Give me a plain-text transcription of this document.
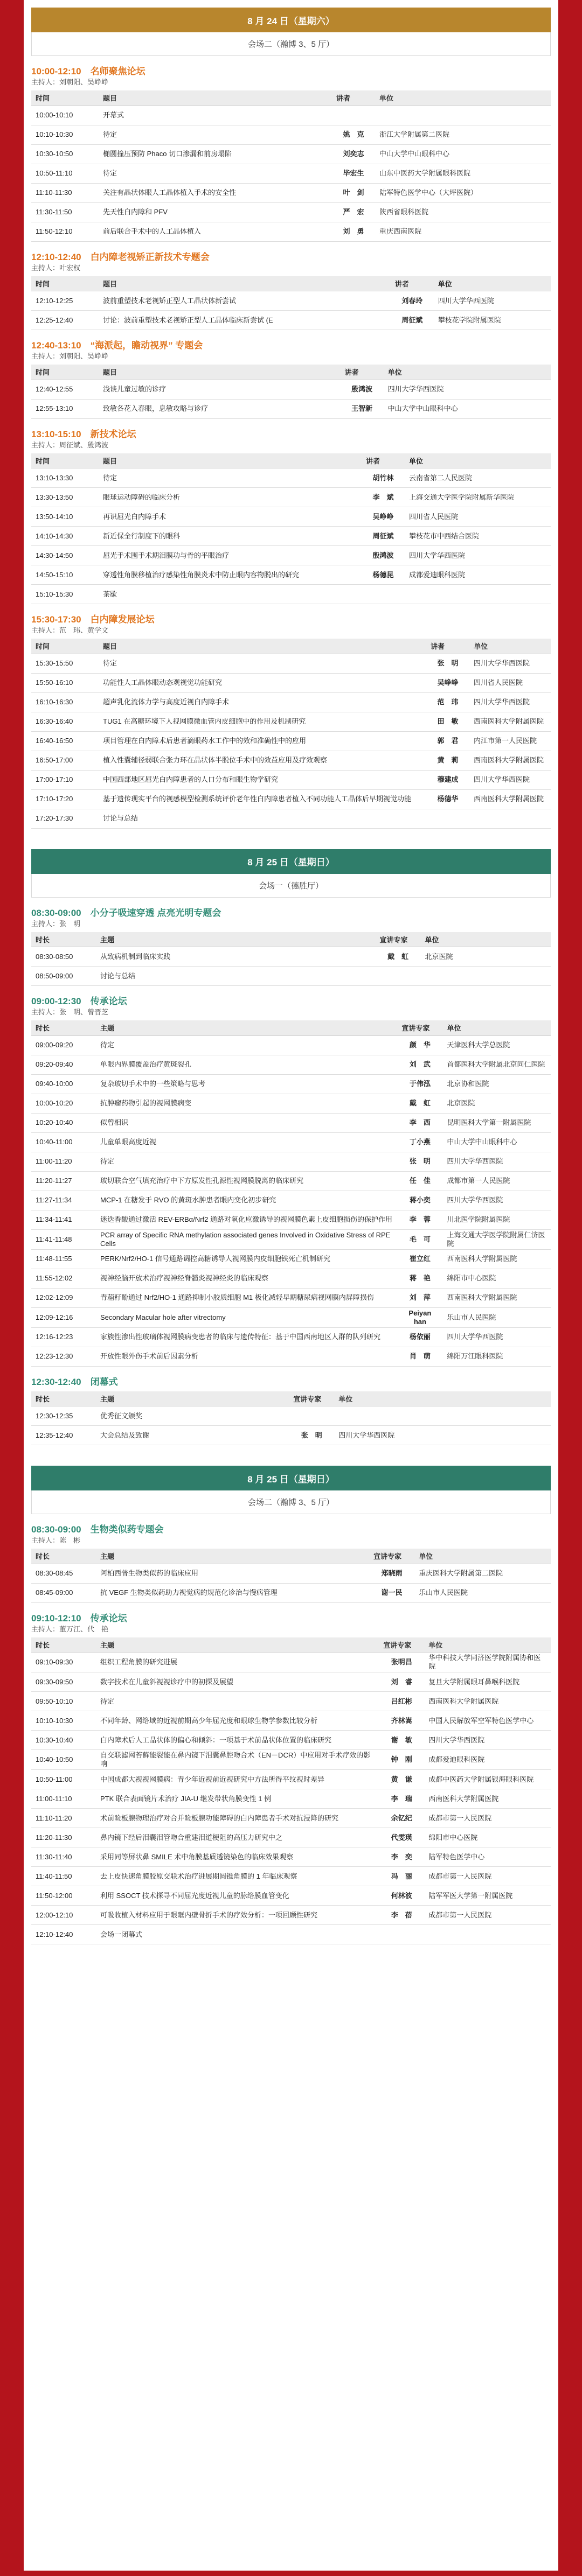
8 月 24 日（星期六）
会场二（瀚博 3、5 厅）
10:00-12:10　名师聚焦论坛
主持人：刘朝阳、吴峥峥
时间	题目	讲者	单位
10:00-10:10	开幕式		
10:10-10:30	待定	姚　克	浙江大学附属第二医院
10:30-10:50	椭圆撞压预防 Phaco 切口渗漏和前房塌陷	刘奕志	中山大学中山眼科中心
10:50-11:10	待定	毕宏生	山东中医药大学附属眼科医院
11:10-11:30	关注有晶状体眼人工晶体植入手术的安全性	叶　剑	陆军特色医学中心（大坪医院）
11:30-11:50	先天性白内障和 PFV	严　宏	陕西省眼科医院
11:50-12:10	前后联合手术中的人工晶体植入	刘　勇	重庆西南医院
12:10-12:40　白内障老视矫正新技术专题会
主持人：叶宏权
时间	题目	讲者	单位
12:10-12:25	波前重塑技术老视矫正型人工晶状体新尝试	刘春玲	四川大学华西医院
12:25-12:40	讨论：波前重塑技术老视矫正型人工晶体临床新尝试 (E	周征斌	攀枝花学院附属医院
12:40-13:10　“海派起，瞻动视界” 专题会
主持人：刘朝阳、吴峥峥
时间	题目	讲者	单位
12:40-12:55	浅谈儿童过敏的诊疗	殷鸿波	四川大学华西医院
12:55-13:10	致敏各花入春眼，息敏攻略与诊疗	王智新	中山大学中山眼科中心
13:10-15:10　新技术论坛
主持人：周征斌、殷鸿波
时间	题目	讲者	单位
13:10-13:30	待定	胡竹林	云南省第二人民医院
13:30-13:50	眼球运动障碍的临床分析	李　斌	上海交通大学医学院附属新华医院
13:50-14:10	再识屈光白内障手术	吴峥峥	四川省人民医院
14:10-14:30	新近保全行制度下的眼科	周征斌	攀枝花市中西结合医院
14:30-14:50	屈光手术围手术期泪膜功与骨的平眼治疗	殷鸿波	四川大学华西医院
14:50-15:10	穿透性角膜移植治疗感染性角膜炎术中防止眼内容物脱出的研究	杨德昆	成都爱迪眼科医院
15:10-15:30	茶歇		
15:30-17:30　白内障发展论坛
主持人：范　玮、黄学文
时间	题目	讲者	单位
15:30-15:50	待定	张　明	四川大学华西医院
15:50-16:10	功能性人工晶体眼动态观视觉功能研究	吴峥峥	四川省人民医院
16:10-16:30	超声乳化流体力学与高度近视白内障手术	范　玮	四川大学华西医院
16:30-16:40	TUG1 在高糖环境下人视网膜微血管内皮细胞中的作用及机制研究	田　敏	西南医科大学附属医院
16:40-16:50	项目管理在白内障术后患者滴眼药水工作中的效和准确性中的应用	郭　君	内江市第一人民医院
16:50-17:00	植入性囊辅径弱联合张力环在晶状体半脱位手术中的效益应用及疗效观察	黄　莉	西南医科大学附属医院
17:00-17:10	中国西部地区屈光白内障患者的人口分布和眼生物学研究	穆建成	四川大学华西医院
17:10-17:20	基于遗传现实平台的视感模型检测系统评价老年性白内障患者植入不同功能人工晶体后早期视觉功能	杨德华	西南医科大学附属医院
17:20-17:30	讨论与总结		
8 月 25 日（星期日）
会场一（德胜厅）
08:30-09:00　小分子吸速穿透 点亮光明专题会
主持人：张　明
时长	主题	宣讲专家	单位
08:30-08:50	从致病机制到临床实践	戴　虹	北京医院
08:50-09:00	讨论与总结		
09:00-12:30　传承论坛
主持人：张　明、曾晋芝
时长	主题	宣讲专家	单位
09:00-09:20	待定	颜　华	天津医科大学总医院
09:20-09:40	单眼内界膜覆盖治疗黄斑裂孔	刘　武	首都医科大学附属北京同仁医院
09:40-10:00	复杂玻切手术中的一些策略与思考	于伟泓	北京协和医院
10:00-10:20	抗肿瘤药物引起的视网膜病变	戴　虹	北京医院
10:20-10:40	似曾相识	李　西	昆明医科大学第一附属医院
10:40-11:00	儿童单眼高度近视	丁小燕	中山大学中山眼科中心
11:00-11:20	待定	张　明	四川大学华西医院
11:20-11:27	玻切联合空气填充治疗中下方原发性孔源性视网膜脱离的临床研究	任　佳	成都市第一人民医院
11:27-11:34	MCP-1 在糖发于 RVO 的黄斑水肿患者眼内变化初步研究	蒋小奕	四川大学华西医院
11:34-11:41	迷迭香酸通过激活 REV-ERBα/Nrf2 通路对氧化应激诱导的视网膜色素上皮细胞损伤的保护作用	李　蓉	川北医学院附属医院
11:41-11:48	PCR array of Specific RNA methylation associated genes Involved in Oxidative Stress of RPE Cells	毛　可	上海交通大学医学院附属仁济医院
11:48-11:55	PERK/Nrf2/HO-1 信号通路调控高糖诱导人视网膜内皮细胞铁死亡机制研究	崔立红	西南医科大学附属医院
11:55-12:02	视神经脑开放术治疗视神经脊髓炎视神经炎的临床观察	蒋　艳	绵阳市中心医院
12:02-12:09	青葙籽酚通过 Nrf2/HO-1 通路抑制小胶质细胞 M1 极化减轻早期糖尿病视网膜内屏障损伤	刘　萍	西南医科大学附属医院
12:09-12:16	Secondary Macular hole after vitrectomy	Peiyan han	乐山市人民医院
12:16-12:23	家族性渗出性玻璃体视网膜病变患者的临床与遗传特征：基于中国西南地区人群的队列研究	杨依丽	四川大学华西医院
12:23-12:30	开放性眼外伤手术前后因素分析	肖　萌	绵阳万江眼科医院
12:30-12:40　闭幕式
时长	主题	宣讲专家	单位
12:30-12:35	优秀征文颁奖		
12:35-12:40	大会总结及致谢	张　明	四川大学华西医院
8 月 25 日（星期日）
会场二（瀚博 3、5 厅）
08:30-09:00　生物类似药专题会
主持人：陈　彬
时长	主题	宣讲专家	单位
08:30-08:45	阿柏西普生物类似药的临床应用	郑晓雨	重庆医科大学附属第二医院
08:45-09:00	抗 VEGF 生物类似药助力视觉病的规范化诊治与慢病管理	谢一民	乐山市人民医院
09:10-12:10　传承论坛
主持人：董万江、代　艳
时长	主题	宣讲专家	单位
09:10-09:30	组织工程角膜的研究进展	张明昌	华中科技大学同济医学院附属协和医院
09:30-09:50	数字技术在儿童斜视视诊疗中的初探及展望	刘　睿	复旦大学附属眼耳鼻喉科医院
09:50-10:10	待定	吕红彬	西南医科大学附属医院
10:10-10:30	不同年龄、网络域的近视前期高少年屈光度和眼球生物学参数比较分析	齐林嵩	中国人民解放军空军特色医学中心
10:30-10:40	白内障术后人工晶状体的偏心和倾斜：一项基于术前晶状体位置的临床研究	谢　敏	四川大学华西医院
10:40-10:50	自交联滤网苔藓能裂能在鼻内镜下泪囊鼻腔吻合术（EN－DCR）中应用对手术疗效的影响	钟　刚	成都爱迪眼科医院
10:50-11:00	中国成都大视视网膜病：青少年近视前近视研究中方法所得平纹视时差异	黄　谦	成都中医药大学附属银海眼科医院
11:00-11:10	PTK 联合表面镜片术治疗 JIA-U 继发带状角膜变性 1 例	李　瑞	西南医科大学附属医院
11:10-11:20	术前睑板腺物理治疗对合并睑板腺功能障碍的白内障患者手术对抗浸降的研究	余钇纪	成都市第一人民医院
11:20-11:30	鼻内镜下经后泪囊泪管吻合重建泪道梗阻的高压力研究中之	代雯瑛	绵阳市中心医院
11:30-11:40	采用同等屏状鼻 SMILE 术中角膜基质透镜染色的临床效果观察	李　奕	陆军特色医学中心
11:40-11:50	去上皮快速角膜胶原交联术治疗进展期圆锥角膜的 1 年临床观察	冯　丽	成都市第一人民医院
11:50-12:00	利用 SSOCT 技术探寻不同屈光度近视儿童的脉络膜血管变化	何林波	陆军军医大学第一附属医院
12:00-12:10	可吸收植入材料应用于眼眶内壁骨折手术的疗效分析：一项回顾性研究	李　蓓	成都市第一人民医院
12:10-12:40	会场一闭幕式		
